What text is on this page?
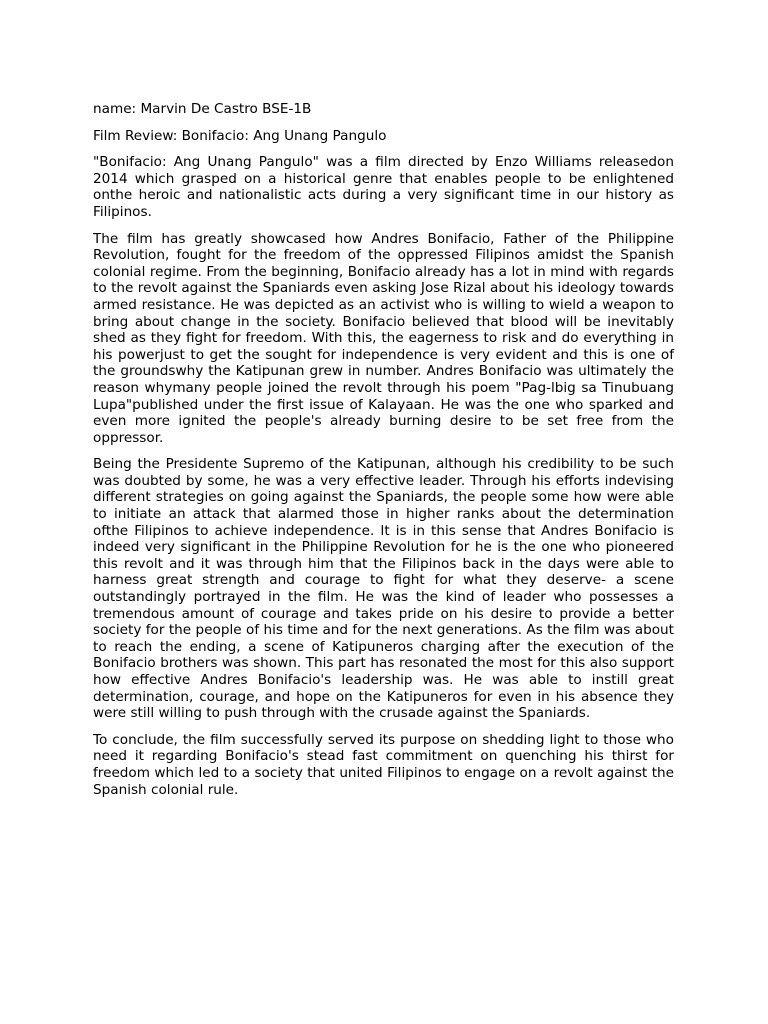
name: Marvin De Castro BSE-1B

Film Review: Bonifacio: Ang Unang Pangulo

"Bonifacio: Ang Unang Pangulo" was a film directed by Enzo Williams releasedon 2014 which grasped on a historical genre that enables people to be enlightened onthe heroic and nationalistic acts during a very significant time in our history as Filipinos.

The film has greatly showcased how Andres Bonifacio, Father of the Philippine Revolution, fought for the freedom of the oppressed Filipinos amidst the Spanish colonial regime. From the beginning, Bonifacio already has a lot in mind with regards to the revolt against the Spaniards even asking Jose Rizal about his ideology towards armed resistance. He was depicted as an activist who is willing to wield a weapon to bring about change in the society. Bonifacio believed that blood will be inevitably shed as they fight for freedom. With this, the eagerness to risk and do everything in his powerjust to get the sought for independence is very evident and this is one of the groundswhy the Katipunan grew in number. Andres Bonifacio was ultimately the reason whymany people joined the revolt through his poem "Pag-lbig sa Tinubuang Lupa"published under the first issue of Kalayaan. He was the one who sparked and even more ignited the people's already burning desire to be set free from the oppressor.

Being the Presidente Supremo of the Katipunan, although his credibility to be such was doubted by some, he was a very effective leader. Through his efforts indevising different strategies on going against the Spaniards, the people some how were able to initiate an attack that alarmed those in higher ranks about the determination ofthe Filipinos to achieve independence. It is in this sense that Andres Bonifacio is indeed very significant in the Philippine Revolution for he is the one who pioneered this revolt and it was through him that the Filipinos back in the days were able to harness great strength and courage to fight for what they deserve- a scene outstandingly portrayed in the film. He was the kind of leader who possesses a tremendous amount of courage and takes pride on his desire to provide a better society for the people of his time and for the next generations. As the film was about to reach the ending, a scene of Katipuneros charging after the execution of the Bonifacio brothers was shown. This part has resonated the most for this also support how effective Andres Bonifacio's leadership was. He was able to instill great determination, courage, and hope on the Katipuneros for even in his absence they were still willing to push through with the crusade against the Spaniards.

To conclude, the film successfully served its purpose on shedding light to those who need it regarding Bonifacio's stead fast commitment on quenching his thirst for freedom which led to a society that united Filipinos to engage on a revolt against the Spanish colonial rule.
